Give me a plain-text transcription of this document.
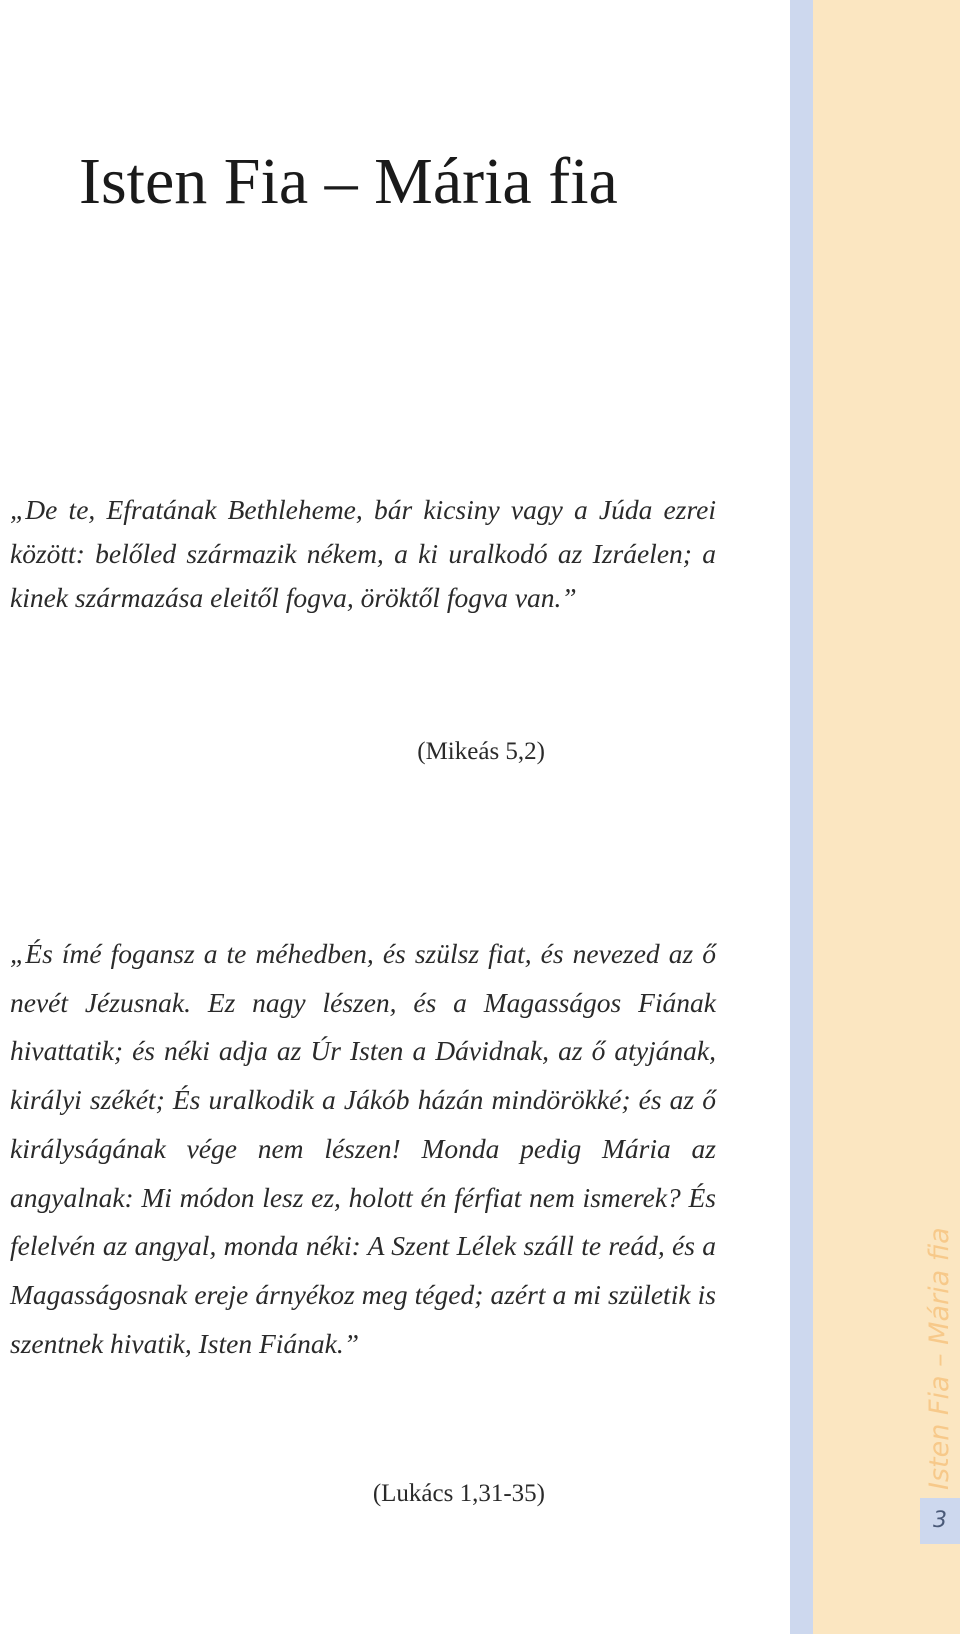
Isten Fia – Mária fia

„De te, Efratának Bethleheme, bár kicsiny vagy a Júda ezrei között: belőled származik nékem, a ki uralkodó az Izráelen; a kinek származása eleitől fogva, öröktől fogva van.”

(Mikeás 5,2)

„És ímé fogansz a te méhedben, és szülsz fiat, és nevezed az ő nevét Jézusnak. Ez nagy lészen, és a Magasságos Fiának hivattatik; és néki adja az Úr Isten a Dávidnak, az ő atyjának, királyi székét; És uralkodik a Jákób házán mindörökké; és az ő királyságának vége nem lészen! Monda pedig Mária az angyalnak: Mi módon lesz ez, holott én férfiat nem ismerek? És felelvén az angyal, monda néki: A Szent Lélek száll te reád, és a Magasságosnak ereje árnyékoz meg téged; azért a mi születik is szentnek hivatik, Isten Fiának.”

(Lukács 1,31-35)

Isten Fia – Mária fia
3
